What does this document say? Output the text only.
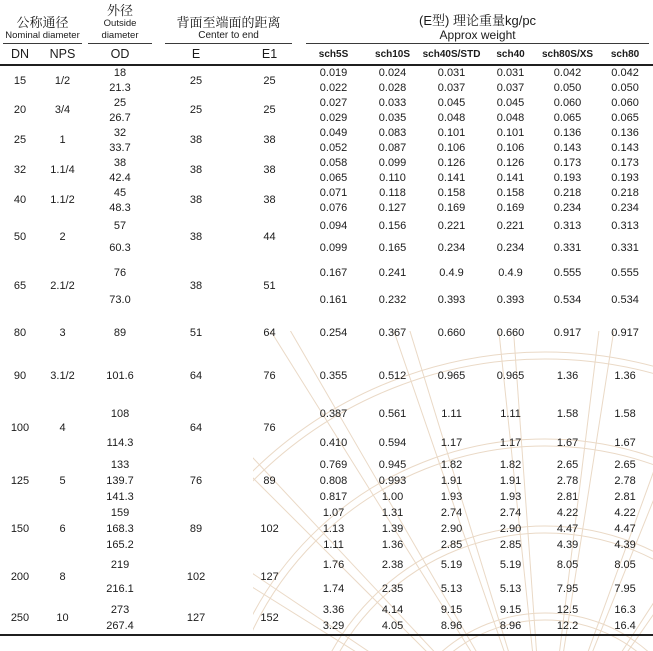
公称通径
Nominal diameter

外径
Outside diameter

背面至端面的距离
Center to end

(E型) 理论重量kg/pc
Approx weight

DN	NPS	OD	E	E1	sch5S	sch10S	sch40S/STD	sch40	sch80S/XS	sch80
15	1/2	18	25	25	0.019	0.024	0.031	0.031	0.042	0.042
		21.3			0.022	0.028	0.037	0.037	0.050	0.050
20	3/4	25	25	25	0.027	0.033	0.045	0.045	0.060	0.060
		26.7			0.029	0.035	0.048	0.048	0.065	0.065
25	1	32	38	38	0.049	0.083	0.101	0.101	0.136	0.136
		33.7			0.052	0.087	0.106	0.106	0.143	0.143
32	1.1/4	38	38	38	0.058	0.099	0.126	0.126	0.173	0.173
		42.4			0.065	0.110	0.141	0.141	0.193	0.193
40	1.1/2	45	38	38	0.071	0.118	0.158	0.158	0.218	0.218
		48.3			0.076	0.127	0.169	0.169	0.234	0.234
50	2	57	38	44	0.094	0.156	0.221	0.221	0.313	0.313
		60.3			0.099	0.165	0.234	0.234	0.331	0.331
65	2.1/2	76	38	51	0.167	0.241	0.4.9	0.4.9	0.555	0.555
		73.0			0.161	0.232	0.393	0.393	0.534	0.534
80	3	89	51	64	0.254	0.367	0.660	0.660	0.917	0.917
90	3.1/2	101.6	64	76	0.355	0.512	0.965	0.965	1.36	1.36
100	4	108	64	76	0.387	0.561	1.11	1.11	1.58	1.58
		114.3			0.410	0.594	1.17	1.17	1.67	1.67
125	5	133	76	89	0.769	0.945	1.82	1.82	2.65	2.65
		139.7			0.808	0.993	1.91	1.91	2.78	2.78
		141.3			0.817	1.00	1.93	1.93	2.81	2.81
150	6	159	89	102	1.07	1.31	2.74	2.74	4.22	4.22
		168.3			1.13	1.39	2.90	2.90	4.47	4.47
		165.2			1.11	1.36	2.85	2.85	4.39	4.39
200	8	219	102	127	1.76	2.38	5.19	5.19	8.05	8.05
		216.1			1.74	2.35	5.13	5.13	7.95	7.95
250	10	273	127	152	3.36	4.14	9.15	9.15	12.5	16.3
		267.4			3.29	4.05	8.96	8.96	12.2	16.4
